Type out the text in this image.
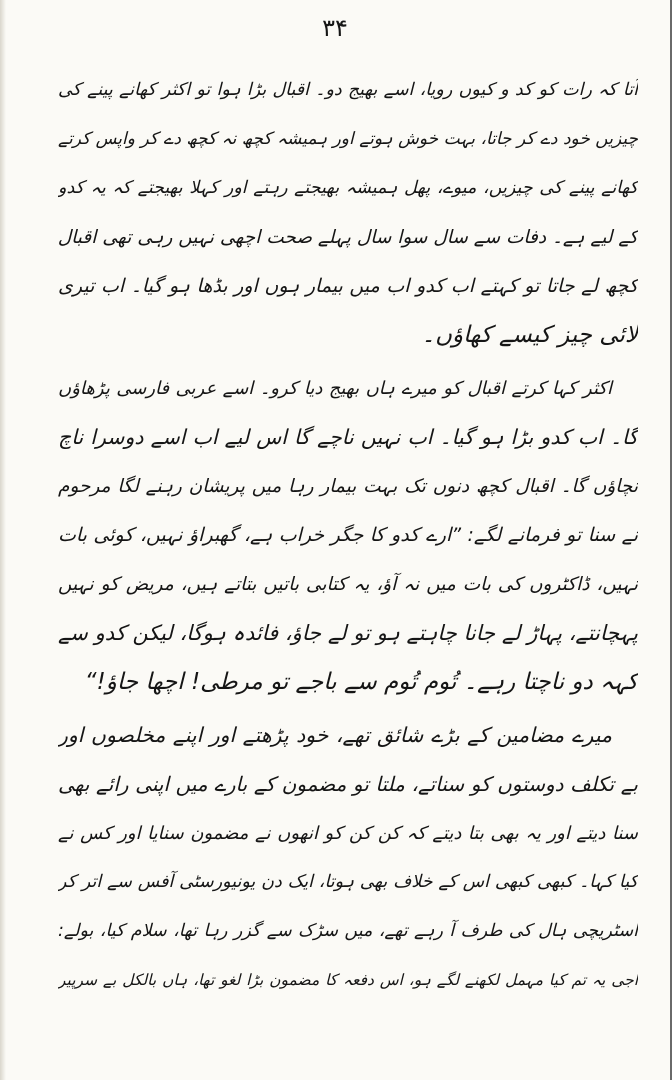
۳۴
آتا کہ رات کو کد و کیوں رویا، اسے بھیج دو۔ اقبال بڑا ہوا تو اکثر کھانے پینے کی
چیزیں خود دے کر جاتا، بہت خوش ہوتے اور ہمیشہ کچھ نہ کچھ دے کر واپس کرتے
کھانے پینے کی چیزیں، میوے، پھل ہمیشہ بھیجتے رہتے اور کہلا بھیجتے کہ یہ کدو
کے لیے ہے۔ دفات سے سال سوا سال پہلے صحت اچھی نہیں رہی تھی اقبال
کچھ لے جاتا تو کہتے اب کدو اب میں بیمار ہوں اور بڈھا ہو گیا۔ اب تیری
لائی چیز کیسے کھاؤں۔
اکثر کہا کرتے اقبال کو میرے ہاں بھیج دیا کرو۔ اسے عربی فارسی پڑھاؤں
گا۔ اب کدو بڑا ہو گیا۔ اب نہیں ناچے گا اس لیے اب اسے دوسرا ناچ
نچاؤں گا۔ اقبال کچھ دنوں تک بہت بیمار رہا میں پریشان رہنے لگا مرحوم
نے سنا تو فرمانے لگے: ”ارے کدو کا جگر خراب ہے، گھبراؤ نہیں، کوئی بات
نہیں، ڈاکٹروں کی بات میں نہ آؤ، یہ کتابی باتیں بتاتے ہیں، مریض کو نہیں
پہچانتے، پہاڑ لے جانا چاہتے ہو تو لے جاؤ، فائدہ ہوگا، لیکن کدو سے
کہہ دو ناچتا رہے۔ تُوم تُوم سے باجے تو مرطی! اچھا جاؤ!“
میرے مضامین کے بڑے شائق تھے، خود پڑھتے اور اپنے مخلصوں اور
بے تکلف دوستوں کو سناتے، ملتا تو مضمون کے بارے میں اپنی رائے بھی
سنا دیتے اور یہ بھی بتا دیتے کہ کن کن کو انھوں نے مضمون سنایا اور کس نے
کیا کہا۔ کبھی کبھی اس کے خلاف بھی ہوتا، ایک دن یونیورسٹی آفس سے اتر کر
اسٹریچی ہال کی طرف آ رہے تھے، میں سڑک سے گزر رہا تھا، سلام کیا، بولے:
اجی یہ تم کیا مہمل لکھنے لگے ہو، اس دفعہ کا مضمون بڑا لغو تھا، ہاں بالکل بے سرپیر
